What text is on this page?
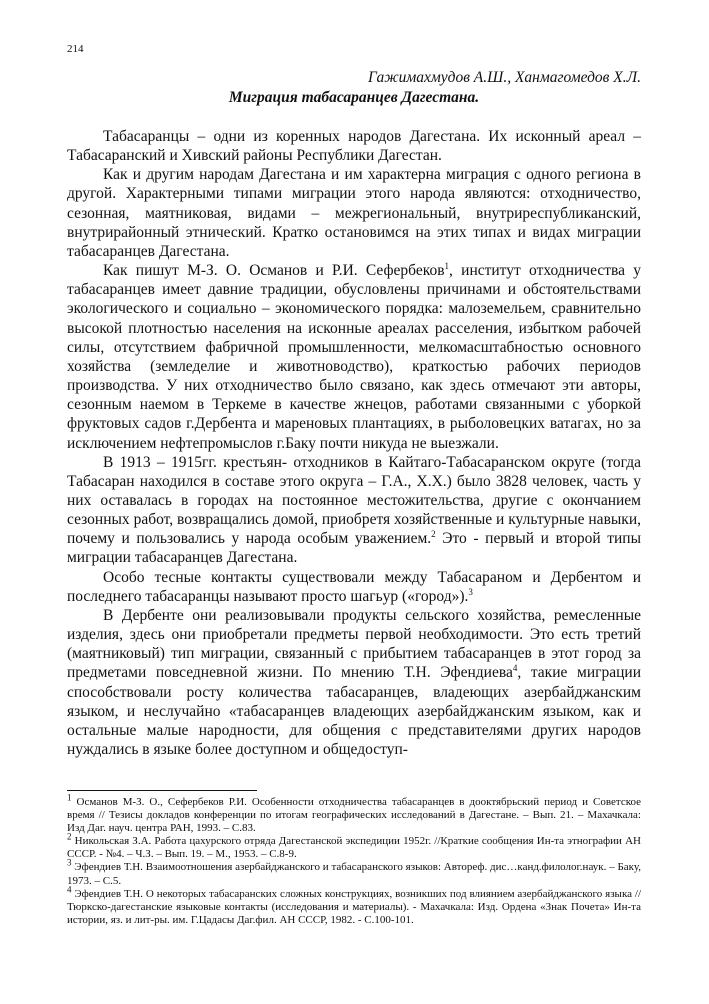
214
Гажимахмудов А.Ш., Ханмагомедов Х.Л.
Миграция табасаранцев Дагестана.

Табасаранцы – одни из коренных народов Дагестана. Их исконный ареал – Табасаранский и Хивский районы Республики Дагестан.

Как и другим народам Дагестана и им характерна миграция с одного региона в другой. Характерными типами миграции этого народа являются: отходничество, сезонная, маятниковая, видами – межрегиональный, внутриреспубликанский, внутрирайонный этнический. Кратко остановимся на этих типах и видах миграции табасаранцев Дагестана.

Как пишут М-З. О. Османов и Р.И. Сефербеков$^1$, институт отходничества у табасаранцев имеет давние традиции, обусловлены причинами и обстоятельствами экологического и социально – экономического порядка: малоземельем, сравнительно высокой плотностью населения на исконные ареалах расселения, избытком рабочей силы, отсутствием фабричной промышленности, мелкомасштабностью основного хозяйства (земледелие и животноводство), краткостью рабочих периодов производства. У них отходничество было связано, как здесь отмечают эти авторы, сезонным наемом в Теркеме в качестве жнецов, работами связанными с уборкой фруктовых садов г.Дербента и мареновых плантациях, в рыболовецких ватагах, но за исключением нефтепромыслов г.Баку почти никуда не выезжали.

В 1913 – 1915гг. крестьян- отходников в Кайтаго-Табасаранском округе (тогда Табасаран находился в составе этого округа – Г.А., Х.Х.) было 3828 человек, часть у них оставалась в городах на постоянное местожительства, другие с окончанием сезонных работ, возвращались домой, приобретя хозяйственные и культурные навыки, почему и пользовались у народа особым уважением.$^2$ Это - первый и второй типы миграции табасаранцев Дагестана.

Особо тесные контакты существовали между Табасараном и Дербентом и последнего табасаранцы называют просто шагьур («город»).$^3$

В Дербенте они реализовывали продукты сельского хозяйства, ремесленные изделия, здесь они приобретали предметы первой необходимости. Это есть третий (маятниковый) тип миграции, связанный с прибытием табасаранцев в этот город за предметами повседневной жизни. По мнению Т.Н. Эфендиева$^4$, такие миграции способствовали росту количества табасаранцев, владеющих азербайджанским языком, и неслучайно «табасаранцев владеющих азербайджанским языком, как и остальные малые народности, для общения с представителями других народов нуждались в языке более доступном и общедоступ-

$^1$ Османов М-З. О., Сефербеков Р.И. Особенности отходничества табасаранцев в дооктябрьский период и Советское время // Тезисы докладов конференции по итогам географических исследований в Дагестане. – Вып. 21. – Махачкала: Изд Даг. науч. центра РАН, 1993. – С.83.

$^2$ Никольская З.А. Работа цахурского отряда Дагестанской экспедиции 1952г. //Краткие сообщения Ин-та этнографии АН СССР. - №4. – Ч.З. – Вып. 19. – М., 1953. – С.8-9.

$^3$ Эфендиев Т.Н. Взаимоотношения азербайджанского и табасаранского языков: Автореф. дис…канд.филолог.наук. – Баку, 1973. – С.5.

$^4$ Эфендиев Т.Н. О некоторых табасаранских сложных конструкциях, возникших под влиянием азербайджанского языка //Тюркско-дагестанские языковые контакты (исследования и материалы). - Махачкала: Изд. Ордена «Знак Почета» Ин-та истории, яз. и лит-ры. им. Г.Цадасы Даг.фил. АН СССР, 1982. - С.100-101.
